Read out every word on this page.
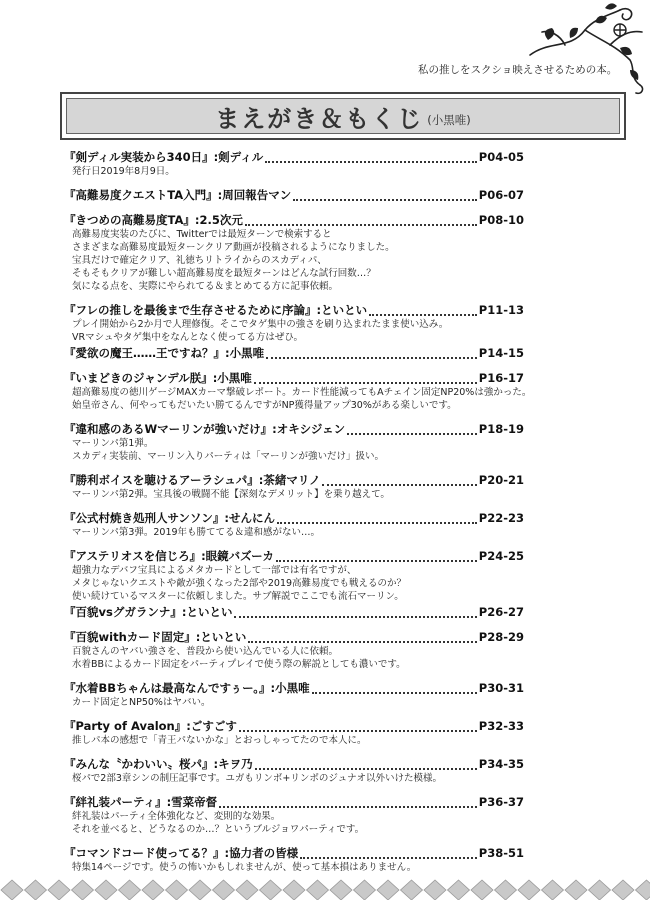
私の推しをスクショ映えさせるための本。
まえがき＆もくじ (小黒唯)
『剣ディル実装から340日』:剣ディル	P04-05
発行日2019年8月9日。
『高難易度クエストTA入門』:周回報告マン	P06-07
『きつめの高難易度TA』:2.5次元	P08-10
高難易度実装のたびに、Twitterでは最短ターンで検索すると
さまざまな高難易度最短ターンクリア動画が投稿されるようになりました。
宝具だけで確定クリア、礼徳ちリトライからのスカディパ、
そもそもクリアが難しい超高難易度を最短ターンはどんな試行回数…？
気になる点を、実際にやられてる＆まとめてる方に記事依頼。
『フレの推しを最後まで生存させるために序論』:といとい	P11-13
プレイ開始から2か月で人理修復。そこでタゲ集中の強さを刷り込まれたまま使い込み。
VRマシュやタゲ集中をなんとなく使ってる方はぜひ。
『愛欲の魔王……王ですね？』:小黒唯	P14-15
『いまどきのジャンデル朕』:小黒唯	P16-17
超高難易度の徳川ゲージMAXカーマ撃破レポート。カード性能減ってもAチェイン固定NP20%は強かった。
始皇帝さん、何やってもだいたい勝てるんですがNP獲得量アップ30%がある楽しいです。
『違和感のあるWマーリンが強いだけ』:オキシジェン	P18-19
マーリンパ第1弾。
スカディ実装前、マーリン入りパーティは「マーリンが強いだけ」扱い。
『勝利ボイスを聴けるアーラシュパ』:茶緒マリノ	P20-21
マーリンパ第2弾。宝具後の戦闘不能【深刻なデメリット】を乗り越えて。
『公式村焼き処刑人サンソン』:せんにん	P22-23
マーリンパ第3弾。2019年も勝ててる＆違和感がない…。
『アステリオスを信じろ』:眼鏡バズーカ	P24-25
超強力なデバフ宝具によるメタカードとして一部では有名ですが、
メタじゃないクエストや敵が強くなった2部や2019高難易度でも戦えるのか？
使い続けているマスターに依頼しました。サブ解説でここでも流石マーリン。
『百貌vsグガランナ』:といとい	P26-27
『百貌withカード固定』:といとい	P28-29
百貌さんのヤバい強さを、普段から使い込んでいる人に依頼。
水着BBによるカード固定をパーティプレイで使う際の解説としても濃いです。
『水着BBちゃんは最高なんですぅー。』:小黒唯	P30-31
カード固定とNP50%はヤバい。
『Party of Avalon』:ごすごす	P32-33
推しパ本の感想で「青王パないかな」とおっしゃってたので本人に。
『みんな〝かわいい〟桜パ』:キヲ乃	P34-35
桜パで2部3章シンの制圧記事です。ユガもリンボ+リンボのジュナオ以外いけた模様。
『絆礼装パーティ』:雪菜帝督	P36-37
絆礼装はパーティ全体強化など、変則的な効果。
それを並べると、どうなるのか…？というブルジョワパーティです。
『コマンドコード使ってる？』:協力者の皆様	P38-51
特集14ページです。使うの怖いかもしれませんが、使って基本損はありません。
